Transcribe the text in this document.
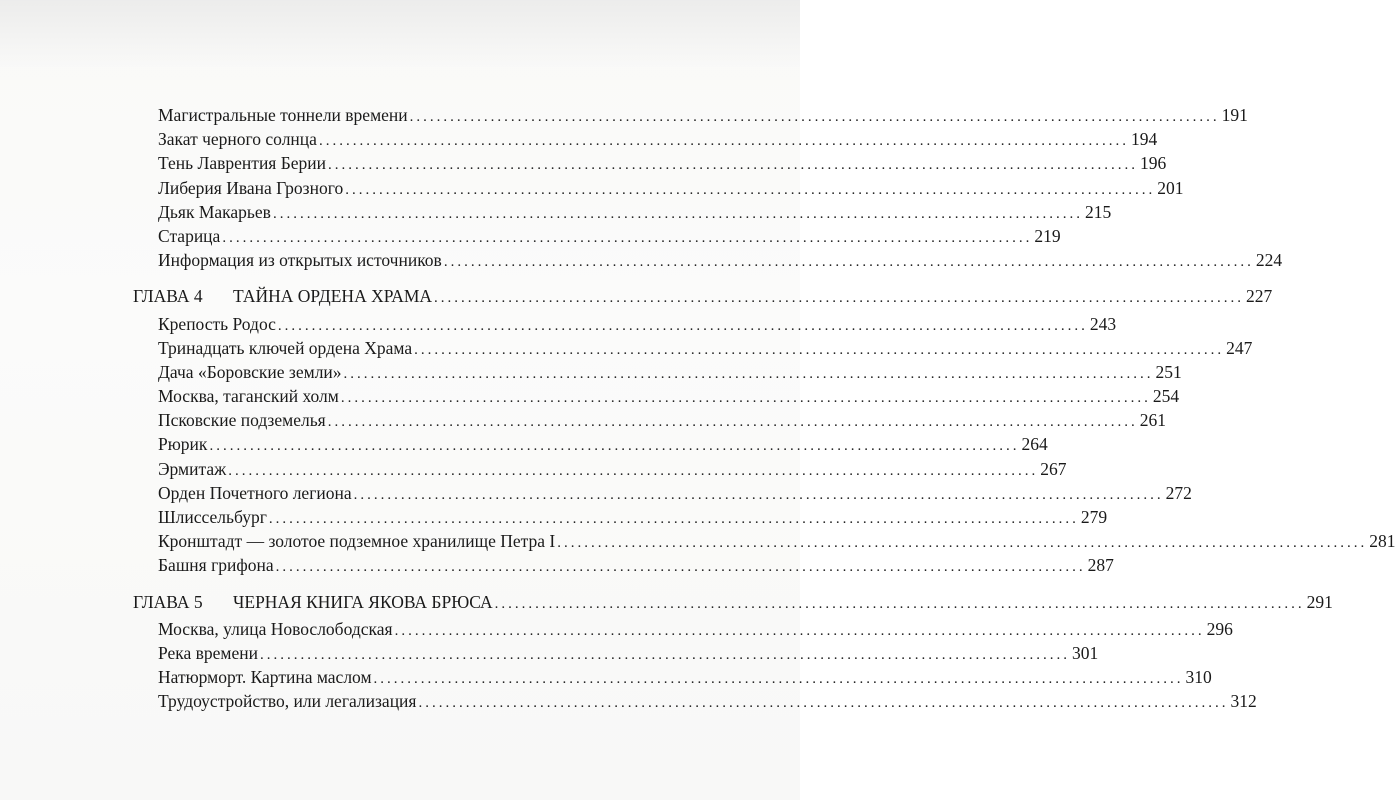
Магистральные тоннели времени ........................................................................................................................ 191
Закат черного солнца ........................................................................................................................ 194
Тень Лаврентия Берии ........................................................................................................................ 196
Либерия Ивана Грозного ........................................................................................................................ 201
Дьяк Макарьев ........................................................................................................................ 215
Старица ........................................................................................................................ 219
Информация из открытых источников ........................................................................................................................ 224
ГЛАВА 4	ТАЙНА ОРДЕНА ХРАМА ........................................................................................................................ 227
Крепость Родос ........................................................................................................................ 243
Тринадцать ключей ордена Храма ........................................................................................................................ 247
Дача «Боровские земли» ........................................................................................................................ 251
Москва, таганский холм ........................................................................................................................ 254
Псковские подземелья ........................................................................................................................ 261
Рюрик ........................................................................................................................ 264
Эрмитаж ........................................................................................................................ 267
Орден Почетного легиона ........................................................................................................................ 272
Шлиссельбург ........................................................................................................................ 279
Кронштадт — золотое подземное хранилище Петра I ........................................................................................................................ 281
Башня грифона ........................................................................................................................ 287
ГЛАВА 5	ЧЕРНАЯ КНИГА ЯКОВА БРЮСА ........................................................................................................................ 291
Москва, улица Новослободская ........................................................................................................................ 296
Река времени ........................................................................................................................ 301
Натюрморт. Картина маслом ........................................................................................................................ 310
Трудоустройство, или легализация ........................................................................................................................ 312
